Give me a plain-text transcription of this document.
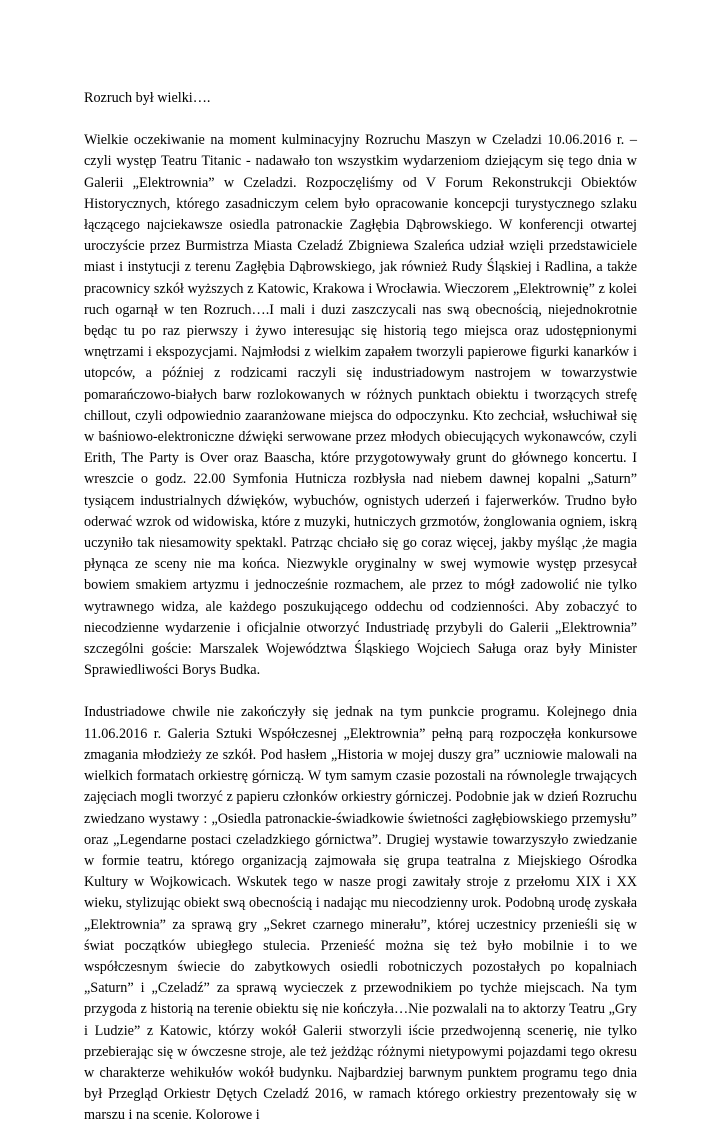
Rozruch był wielki….

Wielkie oczekiwanie na moment kulminacyjny Rozruchu Maszyn w Czeladzi 10.06.2016 r. – czyli występ Teatru Titanic - nadawało ton wszystkim wydarzeniom dziejącym się tego dnia w Galerii „Elektrownia” w Czeladzi. Rozpoczęliśmy od V Forum Rekonstrukcji Obiektów Historycznych, którego zasadniczym celem było opracowanie koncepcji turystycznego szlaku łączącego najciekawsze osiedla patronackie Zagłębia Dąbrowskiego. W konferencji otwartej uroczyście przez Burmistrza Miasta Czeladź Zbigniewa Szaleńca udział wzięli przedstawiciele miast i instytucji z terenu Zagłębia Dąbrowskiego, jak również Rudy Śląskiej i Radlina, a także pracownicy szkół wyższych z Katowic, Krakowa i Wrocławia. Wieczorem „Elektrownię” z kolei ruch ogarnął w ten Rozruch….I mali i duzi zaszczycali nas swą obecnością, niejednokrotnie będąc tu po raz pierwszy i żywo interesując się historią tego miejsca oraz udostępnionymi wnętrzami i ekspozycjami. Najmłodsi z wielkim zapałem tworzyli papierowe figurki kanarków i utopców, a później z rodzicami raczyli się industriadowym nastrojem w towarzystwie pomarańczowo-białych barw rozlokowanych w różnych punktach obiektu i tworzących strefę chillout, czyli odpowiednio zaaranżowane miejsca do odpoczynku. Kto zechciał, wsłuchiwał się w baśniowo-elektroniczne dźwięki serwowane przez młodych obiecujących wykonawców, czyli Erith, The Party is Over oraz Baascha, które przygotowywały grunt do głównego koncertu. I wreszcie o godz. 22.00 Symfonia Hutnicza rozbłysła nad niebem dawnej kopalni „Saturn” tysiącem industrialnych dźwięków, wybuchów, ognistych uderzeń i fajerwerków. Trudno było oderwać wzrok od widowiska, które z muzyki, hutniczych grzmotów, żonglowania ogniem, iskrą uczyniło tak niesamowity spektakl. Patrząc chciało się go coraz więcej, jakby myśląc ,że magia płynąca ze sceny nie ma końca. Niezwykle oryginalny w swej wymowie występ przesycał bowiem smakiem artyzmu i jednocześnie rozmachem, ale przez to mógł zadowolić nie tylko wytrawnego widza, ale każdego poszukującego oddechu od codzienności. Aby zobaczyć to niecodzienne wydarzenie i oficjalnie otworzyć Industriadę przybyli do Galerii „Elektrownia” szczególni goście: Marszalek Województwa Śląskiego Wojciech Saługa oraz były Minister Sprawiedliwości Borys Budka.

Industriadowe chwile nie zakończyły się jednak na tym punkcie programu. Kolejnego dnia 11.06.2016 r. Galeria Sztuki Współczesnej „Elektrownia” pełną parą rozpoczęła konkursowe zmagania młodzieży ze szkół. Pod hasłem „Historia w mojej duszy gra” uczniowie malowali na wielkich formatach orkiestrę górniczą. W tym samym czasie pozostali na równolegle trwających zajęciach mogli tworzyć z papieru członków orkiestry górniczej. Podobnie jak w dzień Rozruchu zwiedzano wystawy : „Osiedla patronackie-świadkowie świetności zagłębiowskiego przemysłu” oraz „Legendarne postaci czeladzkiego górnictwa”. Drugiej wystawie towarzyszyło zwiedzanie w formie teatru, którego organizacją zajmowała się grupa teatralna z Miejskiego Ośrodka Kultury w Wojkowicach. Wskutek tego w nasze progi zawitały stroje z przełomu XIX i XX wieku, stylizując obiekt swą obecnością i nadając mu niecodzienny urok. Podobną urodę zyskała „Elektrownia” za sprawą gry „Sekret czarnego minerału”, której uczestnicy przenieśli się w świat początków ubiegłego stulecia. Przenieść można się też było mobilnie i to we współczesnym świecie do zabytkowych osiedli robotniczych pozostałych po kopalniach „Saturn” i „Czeladź” za sprawą wycieczek z przewodnikiem po tychże miejscach. Na tym przygoda z historią na terenie obiektu się nie kończyła…Nie pozwalali na to aktorzy Teatru „Gry i Ludzie” z Katowic, którzy wokół Galerii stworzyli iście przedwojenną scenerię, nie tylko przebierając się w ówczesne stroje, ale też jeżdżąc różnymi nietypowymi pojazdami tego okresu w charakterze wehikułów wokół budynku. Najbardziej barwnym punktem programu tego dnia był Przegląd Orkiestr Dętych Czeladź 2016, w ramach którego orkiestry prezentowały się w marszu i na scenie. Kolorowe i
